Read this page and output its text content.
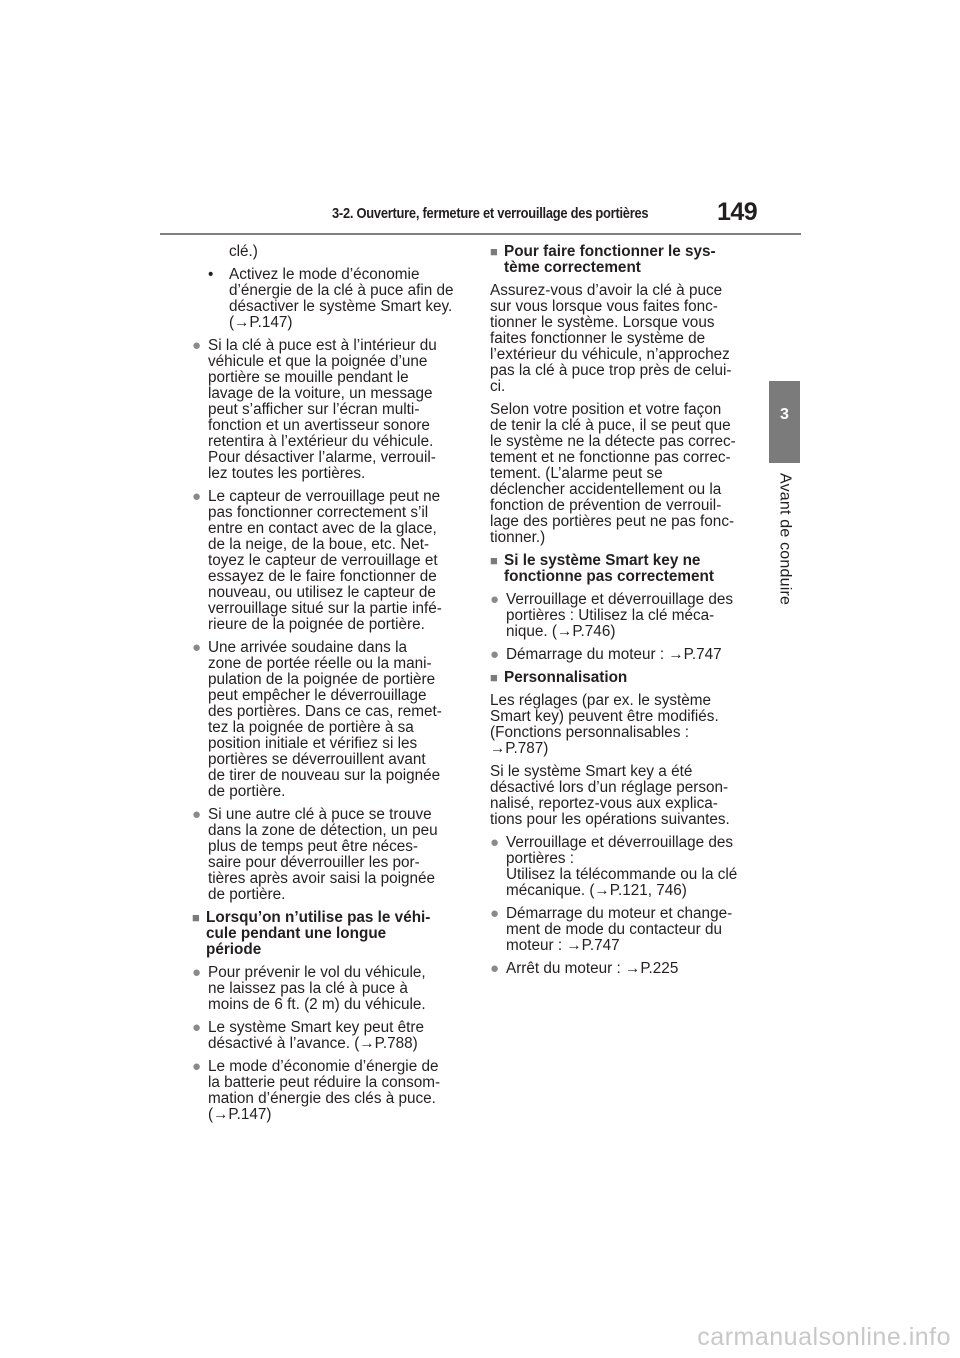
3-2. Ouverture, fermeture et verrouillage des portières	149
3
Avant de conduire

clé.)

•	Activez le mode d’économie
d’énergie de la clé à puce afin de
désactiver le système Smart key.
(→P.147)
● Si la clé à puce est à l’intérieur du
véhicule et que la poignée d’une
portière se mouille pendant le
lavage de la voiture, un message
peut s’afficher sur l’écran multi-
fonction et un avertisseur sonore
retentira à l’extérieur du véhicule.
Pour désactiver l’alarme, verrouil-
lez toutes les portières.
● Le capteur de verrouillage peut ne
pas fonctionner correctement s’il
entre en contact avec de la glace,
de la neige, de la boue, etc. Net-
toyez le capteur de verrouillage et
essayez de le faire fonctionner de
nouveau, ou utilisez le capteur de
verrouillage situé sur la partie infé-
rieure de la poignée de portière.
● Une arrivée soudaine dans la
zone de portée réelle ou la mani-
pulation de la poignée de portière
peut empêcher le déverrouillage
des portières. Dans ce cas, remet-
tez la poignée de portière à sa
position initiale et vérifiez si les
portières se déverrouillent avant
de tirer de nouveau sur la poignée
de portière.
● Si une autre clé à puce se trouve
dans la zone de détection, un peu
plus de temps peut être néces-
saire pour déverrouiller les por-
tières après avoir saisi la poignée
de portière.
■ Lorsqu’on n’utilise pas le véhi-
cule pendant une longue
période
● Pour prévenir le vol du véhicule,
ne laissez pas la clé à puce à
moins de 6 ft. (2 m) du véhicule.
● Le système Smart key peut être
désactivé à l’avance. (→P.788)
● Le mode d’économie d’énergie de
la batterie peut réduire la consom-
mation d’énergie des clés à puce.
(→P.147)
■ Pour faire fonctionner le sys-
tème correctement

Assurez-vous d’avoir la clé à puce
sur vous lorsque vous faites fonc-
tionner le système. Lorsque vous
faites fonctionner le système de
l’extérieur du véhicule, n’approchez
pas la clé à puce trop près de celui-
ci.

Selon votre position et votre façon
de tenir la clé à puce, il se peut que
le système ne la détecte pas correc-
tement et ne fonctionne pas correc-
tement. (L’alarme peut se
déclencher accidentellement ou la
fonction de prévention de verrouil-
lage des portières peut ne pas fonc-
tionner.)

■ Si le système Smart key ne
fonctionne pas correctement
● Verrouillage et déverrouillage des
portières : Utilisez la clé méca-
nique. (→P.746)
● Démarrage du moteur : →P.747
■ Personnalisation

Les réglages (par ex. le système
Smart key) peuvent être modifiés.
(Fonctions personnalisables :
→P.787)

Si le système Smart key a été
désactivé lors d’un réglage person-
nalisé, reportez-vous aux explica-
tions pour les opérations suivantes.

● Verrouillage et déverrouillage des
portières :
Utilisez la télécommande ou la clé
mécanique. (→P.121, 746)
● Démarrage du moteur et change-
ment de mode du contacteur du
moteur : →P.747
● Arrêt du moteur : →P.225
carmanualsonline.info
